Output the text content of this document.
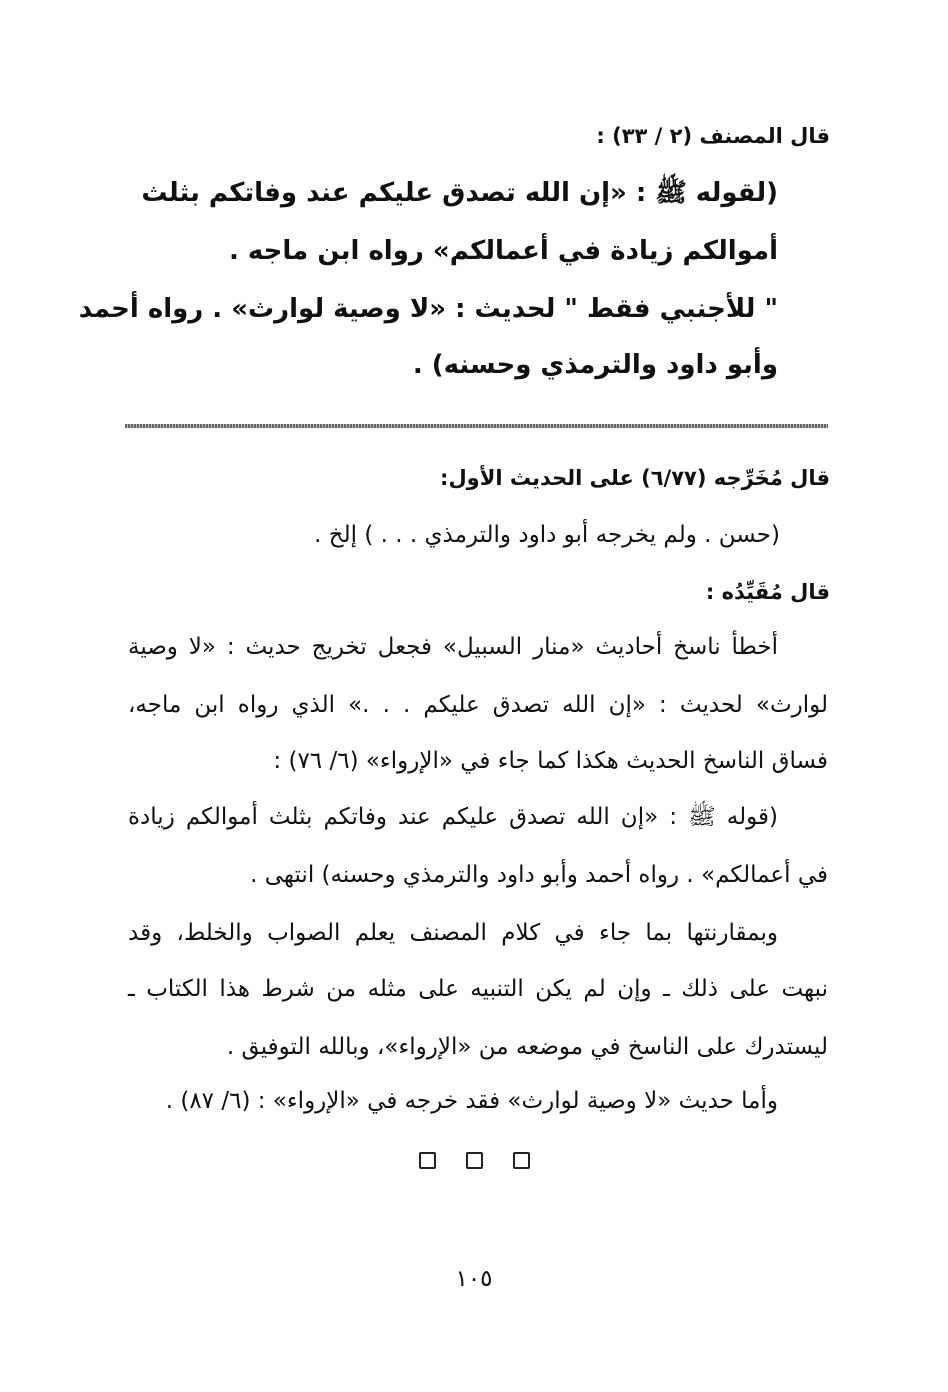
قال المصنف (٢ / ٣٣) :
(لقوله ﷺ : «إن الله تصدق عليكم عند وفاتكم بثلث
أموالكم زيادة في أعمالكم» رواه ابن ماجه .
" للأجنبي فقط " لحديث : «لا وصية لوارث» . رواه أحمد
وأبو داود والترمذي وحسنه) .
قال مُخَرِّجه (٦/٧٧) على الحديث الأول:
(حسن . ولم يخرجه أبو داود والترمذي . . . ) إلخ .
قال مُقَيِّدُه :
أخطأ ناسخ أحاديث «منار السبيل» فجعل تخريج حديث : «لا وصية
لوارث» لحديث : «إن الله تصدق عليكم . . .» الذي رواه ابن ماجه،
فساق الناسخ الحديث هكذا كما جاء في «الإرواء» (٦/ ٧٦) :
(قوله ﷺ : «إن الله تصدق عليكم عند وفاتكم بثلث أموالكم زيادة
في أعمالكم» . رواه أحمد وأبو داود والترمذي وحسنه) انتهى .
وبمقارنتها بما جاء في كلام المصنف يعلم الصواب والخلط، وقد
نبهت على ذلك ـ وإن لم يكن التنبيه على مثله من شرط هذا الكتاب ـ
ليستدرك على الناسخ في موضعه من «الإرواء»، وبالله التوفيق .
وأما حديث «لا وصية لوارث» فقد خرجه في «الإرواء» : (٦/ ٨٧) .
١٠٥
